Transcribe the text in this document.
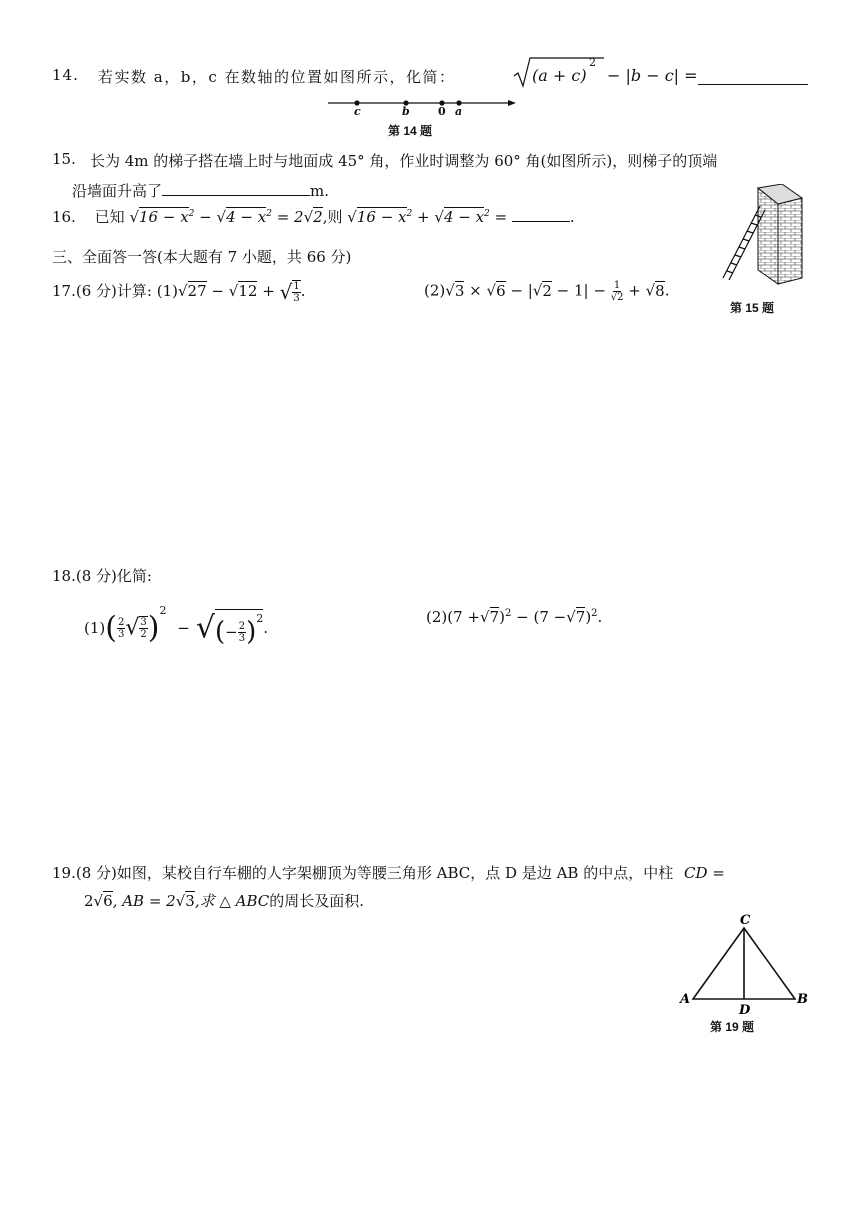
14. 若实数 a，b，c 在数轴的位置如图所示，化简：	(a + c)
2
− |b − c| =
c	b	0 a
第 14 题
15. 长为 4m 的梯子搭在墙上时与地面成 45° 角，作业时调整为 60° 角(如图所示)，则梯子的顶端
沿墙面升高了	m.
第 15 题
16. 已知 $√16 - x^2 - √4 - x^2 = 2√2$,则 $√16 - x^2 + √4 - x^2$ =	.
三、全面答一答(本大题有 7 小题，共 66 分)
17.(6 分)计算: (1)√27 − √12 + √ $\frac{1}{3}$ .	$(2)√3 \times √6 - |√2 - 1| - \frac{1}{√2} + √8$.
18.(8 分)化简:
$(1)( \frac{2}{3}$ √ $\frac{3}{2} )^2$ − √(− $\frac{2}{3} )^2$.
$(2)(7 +√7)^2 - (7 -√7)^2$.
19.(8 分)如图，某校自行车棚的人字架棚顶为等腰三角形 ABC，点 D 是边 AB 的中点，中柱 CD =
2√6, AB = 2√3,求 △ ABC的周长及面积.
C
A	B
D
第 19 题
